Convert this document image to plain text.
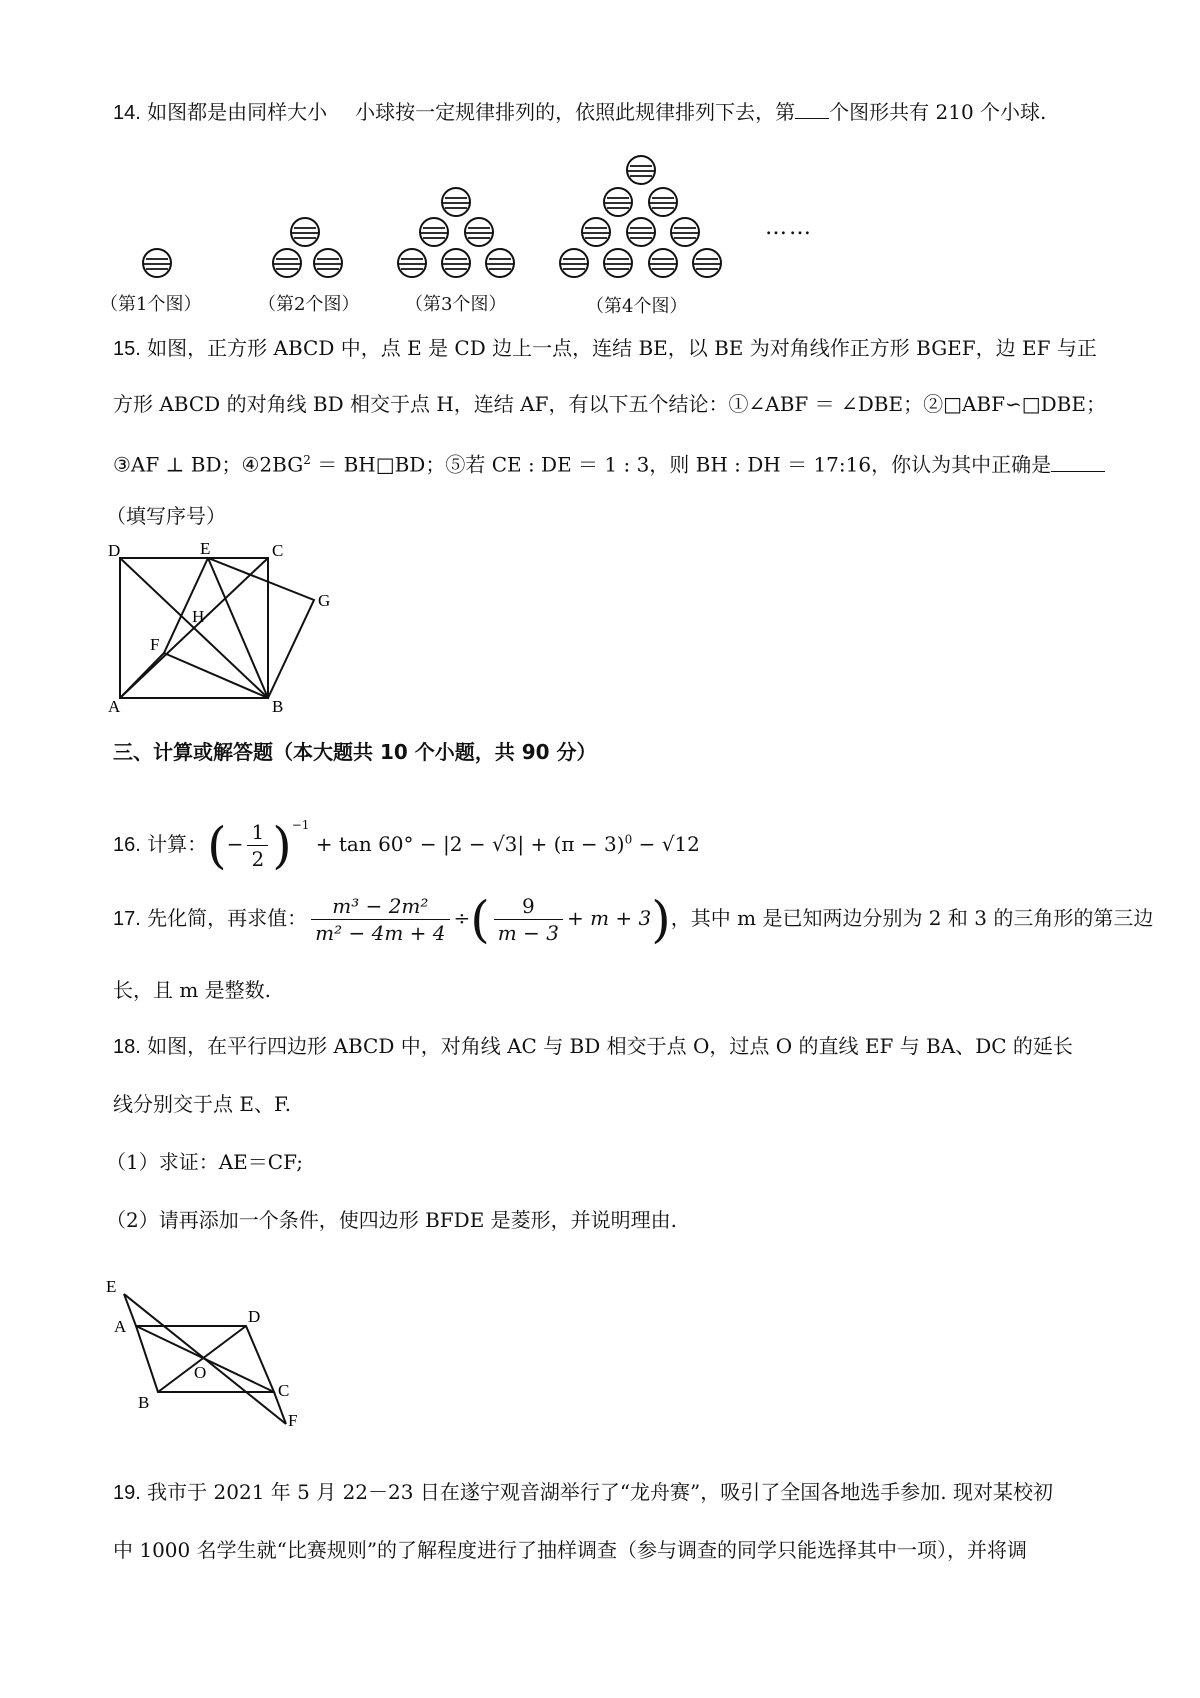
14. 如图都是由同样大小 小球按一定规律排列的，依照此规律排列下去，第 个图形共有 210 个小球.
……
（第1个图）	（第2个图）	（第3个图）	（第4个图）
15. 如图，正方形 ABCD 中，点 E 是 CD 边上一点，连结 BE，以 BE 为对角线作正方形 BGEF，边 EF 与正
方形 ABCD 的对角线 BD 相交于点 H，连结 AF，有以下五个结论：①∠ABF ＝ ∠DBE；②□ABF∽□DBE；
③AF ⊥ BD；$④2BG^2$ ＝ BH□BD；⑤若 CE : DE ＝ 1 : 3，则 BH : DH ＝ 17:16，你认为其中正确是
（填写序号）
D	E	C
G
H
F
A	B
三、计算或解答题（本大题共 10 个小题，共 90 分）
16. 计算：(− $\frac{1}{2} )^{-1} + \tan 60^\circ - |2 - √3| + (\pi - 3)^0 - √12$
17. 先化简，再求值： $\frac{\text{m³ − 2m²}}{\text{m² − 4m + 4}}$ ÷( $\frac{9}{m - 3} + m + 3$)，其中 m 是已知两边分别为 2 和 3 的三角形的第三边
长，且 m 是整数.
18. 如图，在平行四边形 ABCD 中，对角线 AC 与 BD 相交于点 O，过点 O 的直线 EF 与 BA、DC 的延长
线分别交于点 E、F.
（1）求证：AE＝CF;
（2）请再添加一个条件，使四边形 BFDE 是菱形，并说明理由.
E
A
D
O
B
C
F
19. 我市于 2021 年 5 月 22－23 日在遂宁观音湖举行了“龙舟赛”，吸引了全国各地选手参加. 现对某校初
中 1000 名学生就“比赛规则”的了解程度进行了抽样调查（参与调查的同学只能选择其中一项），并将调
